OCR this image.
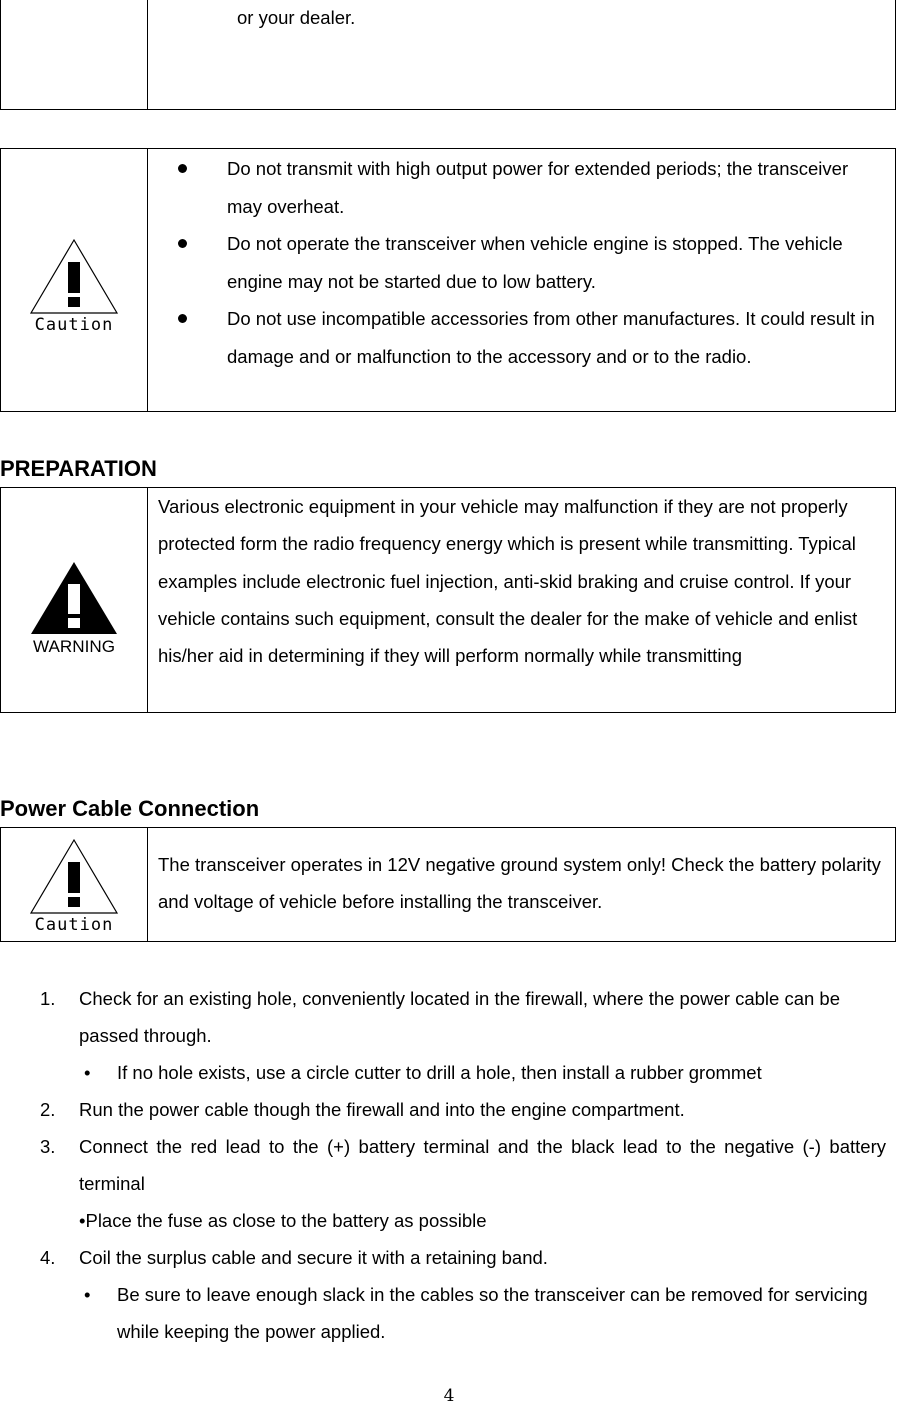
or your dealer.
Caution
Do not transmit with high output power for extended periods; the transceiver may overheat.
Do not operate the transceiver when vehicle engine is stopped. The vehicle engine may not be started due to low battery.
Do not use incompatible accessories from other manufactures. It could result in damage and or malfunction to the accessory and or to the radio.
PREPARATION
WARNING
Various electronic equipment in your vehicle may malfunction if they are not properly protected form the radio frequency energy which is present while transmitting. Typical examples include electronic fuel injection, anti-skid braking and cruise control. If your vehicle contains such equipment, consult the dealer for the make of vehicle and enlist his/her aid in determining if they will perform normally while transmitting
Power Cable Connection
Caution
The transceiver operates in 12V negative ground system only! Check the battery polarity and voltage of vehicle before installing the transceiver.
1. Check for an existing hole, conveniently located in the firewall, where the power cable can be passed through.
• If no hole exists, use a circle cutter to drill a hole, then install a rubber grommet
2. Run the power cable though the firewall and into the engine compartment.
3. Connect the red lead to the (+) battery terminal and the black lead to the negative (-) battery terminal
•Place the fuse as close to the battery as possible
4. Coil the surplus cable and secure it with a retaining band.
• Be sure to leave enough slack in the cables so the transceiver can be removed for servicing while keeping the power applied.
4
